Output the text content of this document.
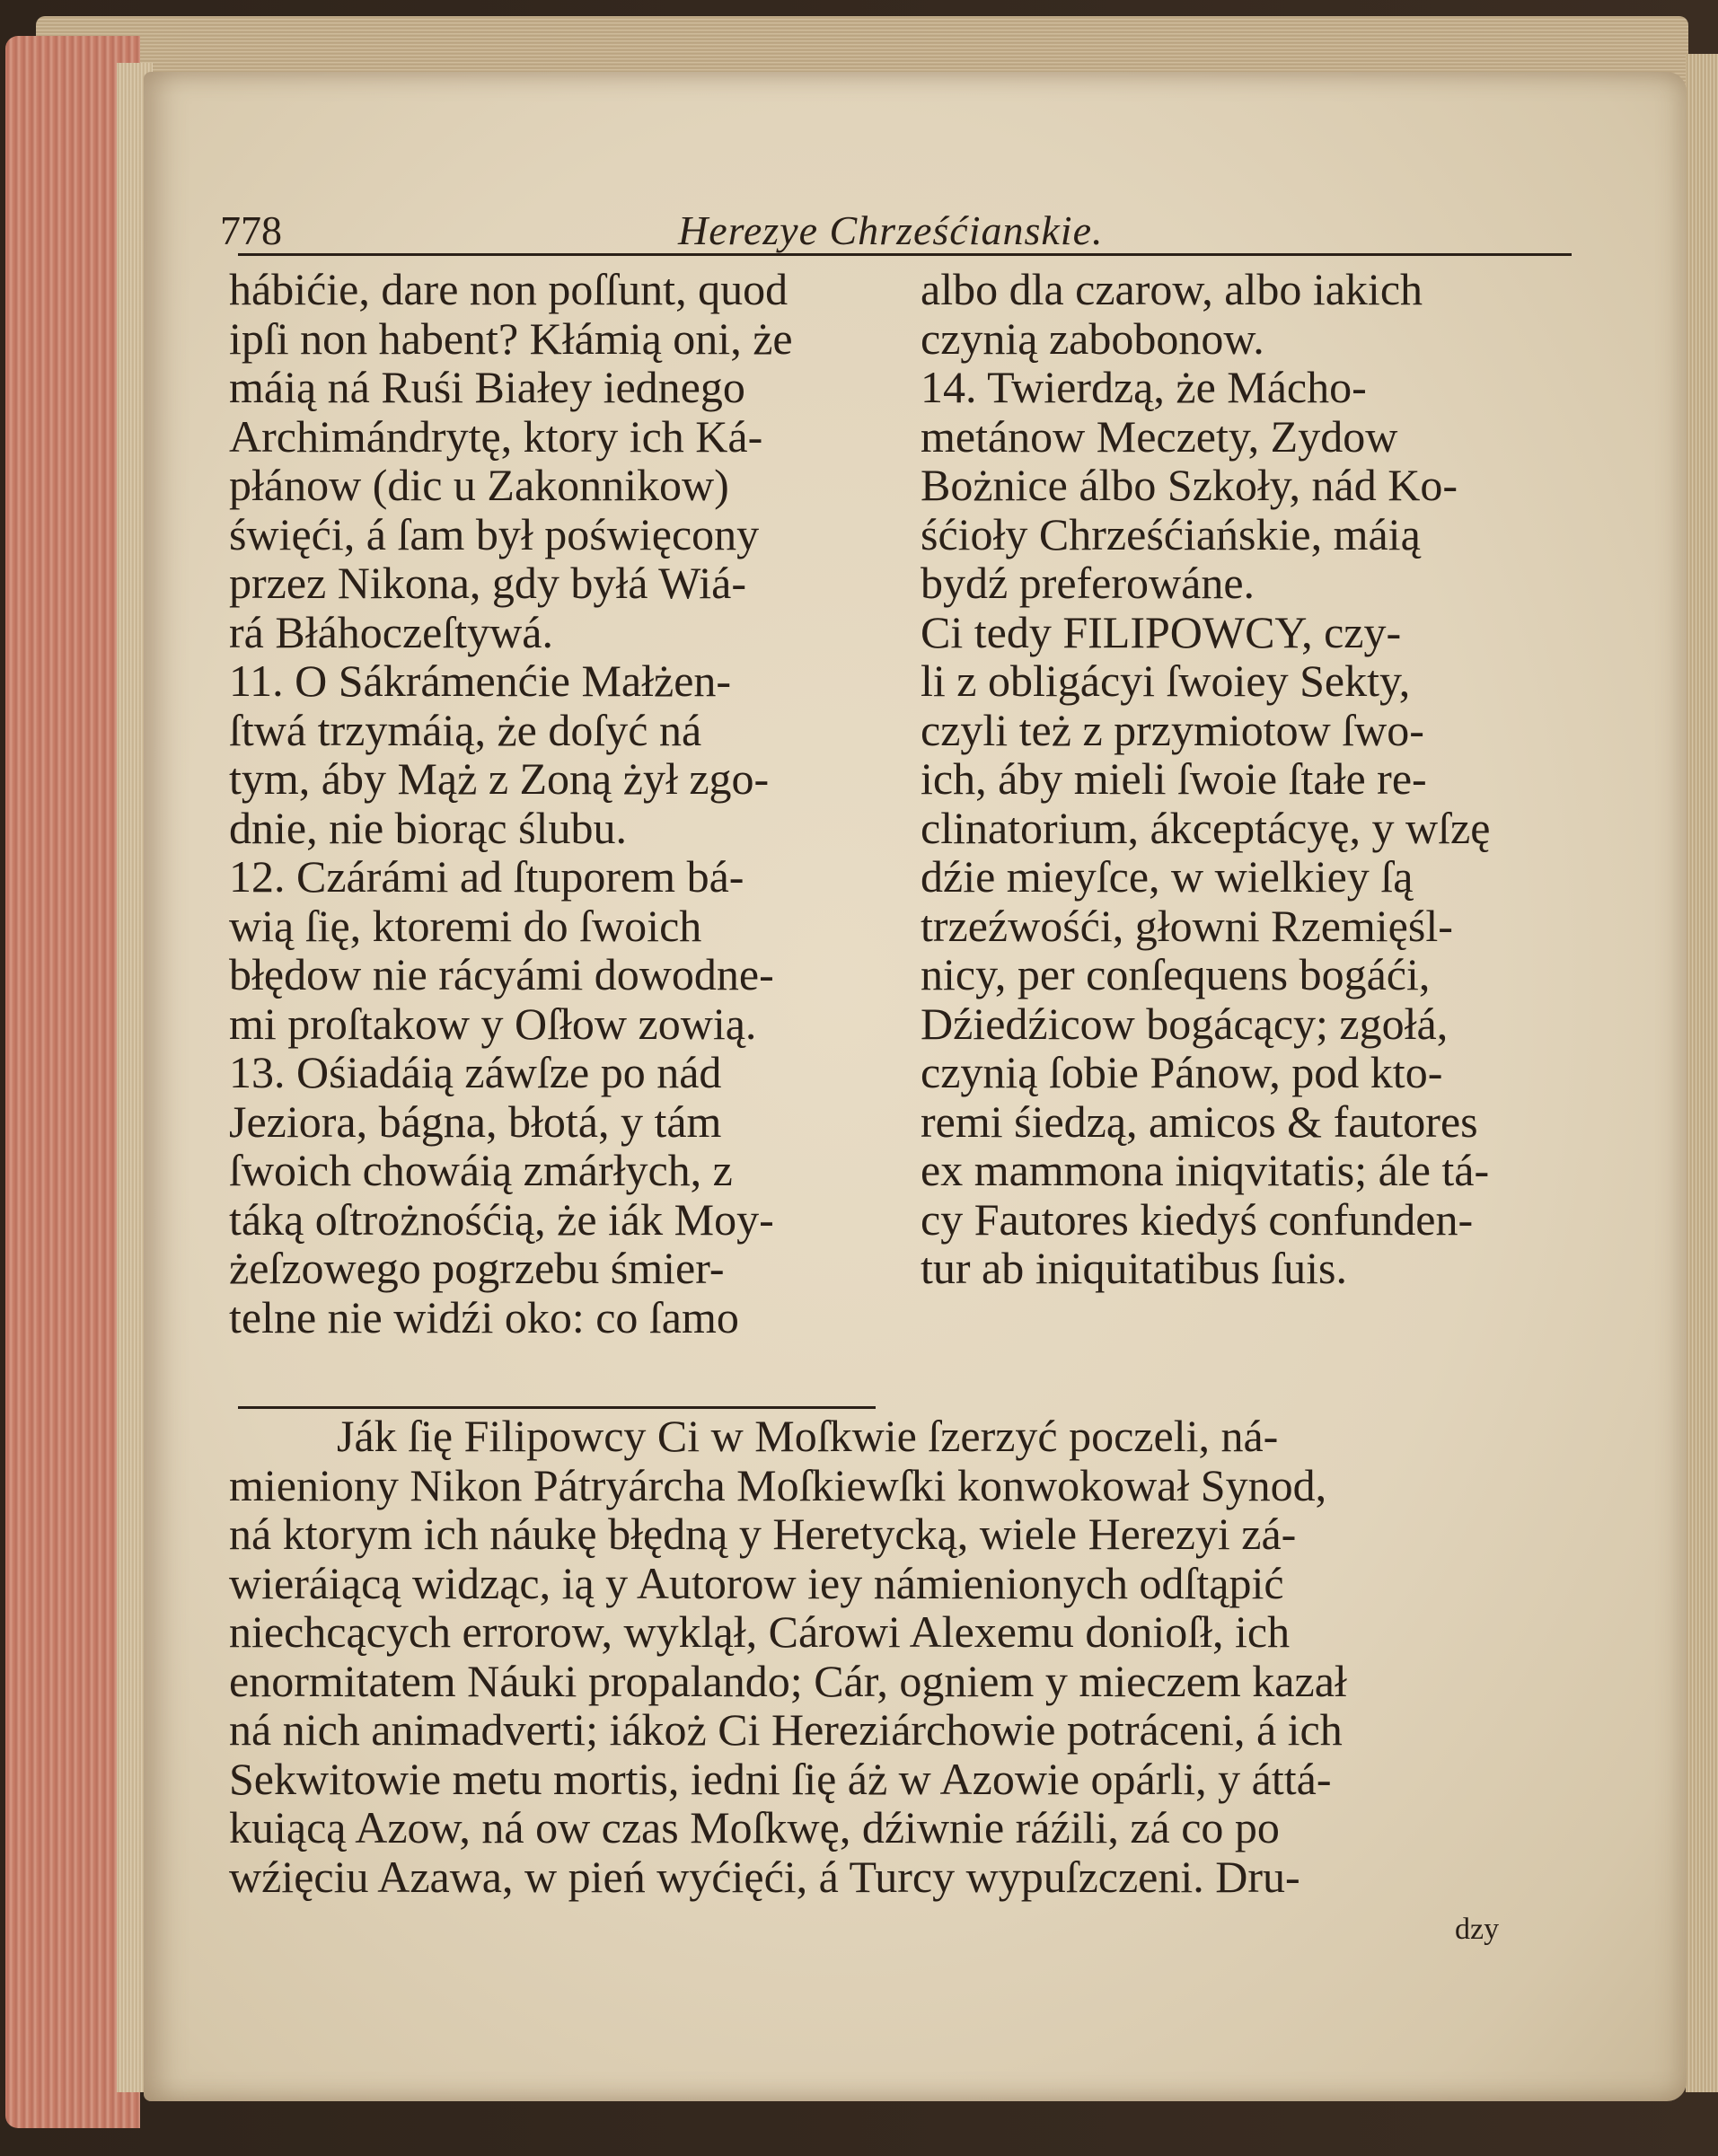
778	Herezye Chrześćianskie.
hábićie, dare non poſſunt, quod
ipſi non habent? Kłámią oni, że
máią ná Ruśi Białey iednego
Archimándrytę, ktory ich Ká-
płánow (dic u Zakonnikow)
święći, á ſam był poświęcony
przez Nikona, gdy byłá Wiá-
rá Błáhoczeſtywá.
11. O Sákrámenćie Małżen-
ſtwá trzymáią, że doſyć ná
tym, áby Mąż z Zoną żył zgo-
dnie, nie biorąc ślubu.
12. Czárámi ad ſtuporem bá-
wią ſię, ktoremi do ſwoich
błędow nie rácyámi dowodne-
mi proſtakow y Oſłow zowią.
13. Ośiadáią záwſze po nád
Jeziora, bágna, błotá, y tám
ſwoich chowáią zmárłych, z
táką oſtrożnośćią, że iák Moy-
żeſzowego pogrzebu śmier-
telne nie widźi oko: co ſamo
albo dla czarow, albo iakich
czynią zabobonow.
14. Twierdzą, że Mácho-
metánow Meczety, Zydow
Bożnice álbo Szkoły, nád Ko-
śćioły Chrześćiańskie, máią
bydź preferowáne.
Ci tedy FILIPOWCY, czy-
li z obligácyi ſwoiey Sekty,
czyli też z przymiotow ſwo-
ich, áby mieli ſwoie ſtałe re-
clinatorium, ákceptácyę, y wſzę
dźie mieyſce, w wielkiey ſą
trzeźwośći, głowni Rzemięśl-
nicy, per conſequens bogáći,
Dźiedźicow bogácący; zgołá,
czynią ſobie Pánow, pod kto-
remi śiedzą, amicos & fautores
ex mammona iniqvitatis; ále tá-
cy Fautores kiedyś confunden-
tur ab iniquitatibus ſuis.
Ják ſię Filipowcy Ci w Moſkwie ſzerzyć poczeli, ná-
mieniony Nikon Pátryárcha Moſkiewſki konwokował Synod,
ná ktorym ich náukę błędną y Heretycką, wiele Herezyi zá-
wieráiącą widząc, ią y Autorow iey námienionych odſtąpić
niechcących errorow, wyklął, Cárowi Alexemu donioſł, ich
enormitatem Náuki propalando; Cár, ogniem y mieczem kazał
ná nich animadverti; iákoż Ci Hereziárchowie potráceni, á ich
Sekwitowie metu mortis, iedni ſię áż w Azowie opárli, y áttá-
kuiącą Azow, ná ow czas Moſkwę, dźiwnie ráźili, zá co po
wźięciu Azawa, w pień wyćięći, á Turcy wypuſzczeni. Dru-
dzy
